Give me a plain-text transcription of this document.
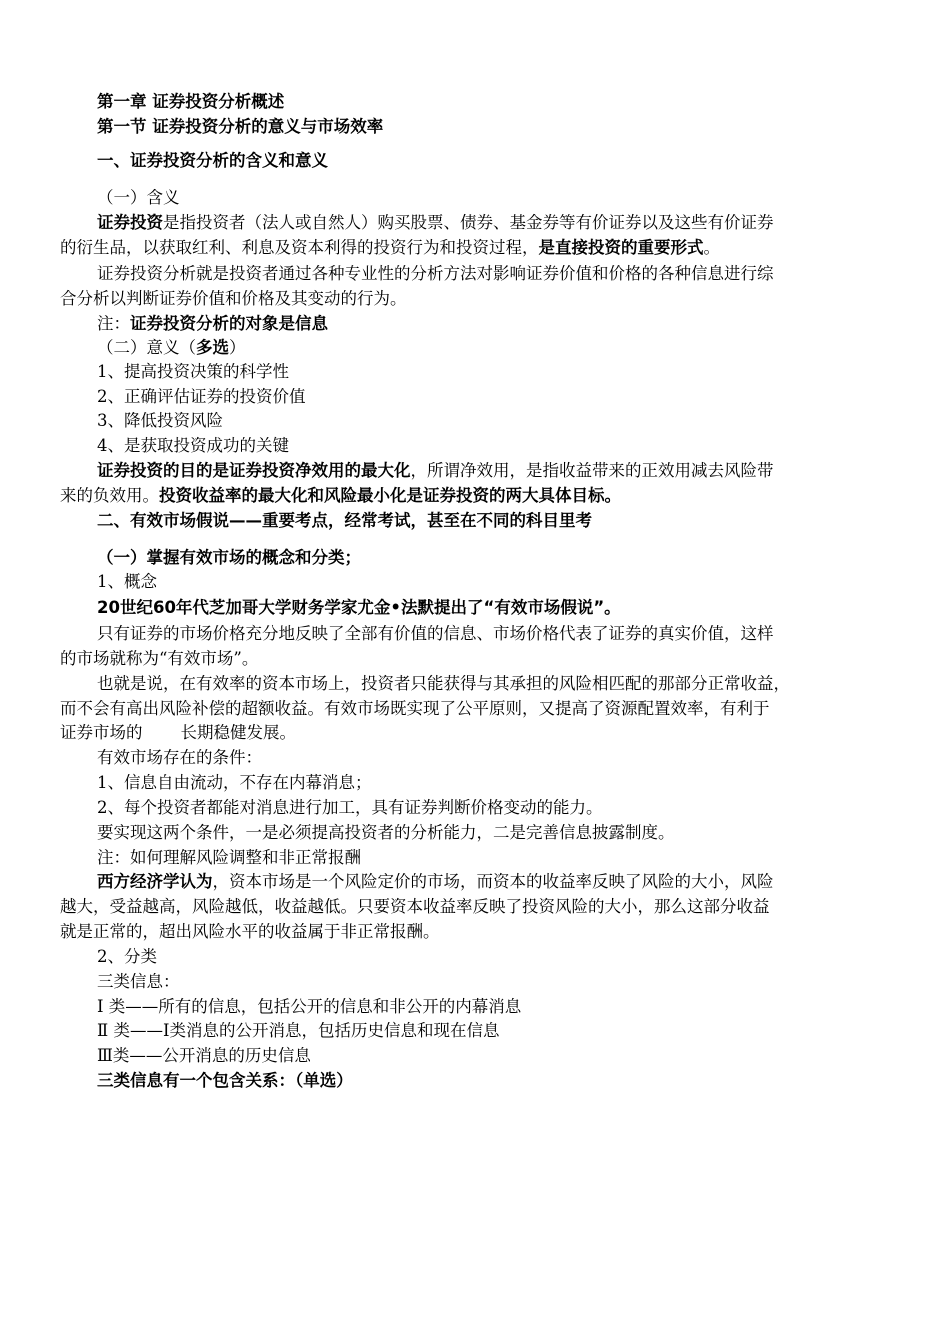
第一章 证券投资分析概述
第一节 证券投资分析的意义与市场效率
一、证券投资分析的含义和意义
（一）含义
证券投资是指投资者（法人或自然人）购买股票、债券、基金券等有价证券以及这些有价证券
的衍生品，以获取红利、利息及资本利得的投资行为和投资过程，是直接投资的重要形式。
证券投资分析就是投资者通过各种专业性的分析方法对影响证券价值和价格的各种信息进行综
合分析以判断证券价值和价格及其变动的行为。
注：证券投资分析的对象是信息
（二）意义（多选）
1、提高投资决策的科学性
2、正确评估证券的投资价值
3、降低投资风险
4、是获取投资成功的关键
证券投资的目的是证券投资净效用的最大化，所谓净效用，是指收益带来的正效用减去风险带
来的负效用。投资收益率的最大化和风险最小化是证券投资的两大具体目标。
二、有效市场假说——重要考点，经常考试，甚至在不同的科目里考
（一）掌握有效市场的概念和分类；
1、概念
20世纪60年代芝加哥大学财务学家尤金•法默提出了“有效市场假说”。
只有证券的市场价格充分地反映了全部有价值的信息、市场价格代表了证券的真实价值，这样
的市场就称为“有效市场”。
也就是说，在有效率的资本市场上，投资者只能获得与其承担的风险相匹配的那部分正常收益，
而不会有高出风险补偿的超额收益。有效市场既实现了公平原则，又提高了资源配置效率，有利于
证券市场的 长期稳健发展。
有效市场存在的条件：
1、信息自由流动，不存在内幕消息；
2、每个投资者都能对消息进行加工，具有证券判断价格变动的能力。
要实现这两个条件，一是必须提高投资者的分析能力，二是完善信息披露制度。
注：如何理解风险调整和非正常报酬
西方经济学认为，资本市场是一个风险定价的市场，而资本的收益率反映了风险的大小，风险
越大，受益越高，风险越低，收益越低。只要资本收益率反映了投资风险的大小，那么这部分收益
就是正常的，超出风险水平的收益属于非正常报酬。
2、分类
三类信息：
Ⅰ 类——所有的信息，包括公开的信息和非公开的内幕消息
Ⅱ 类——Ⅰ类消息的公开消息，包括历史信息和现在信息
Ⅲ类——公开消息的历史信息
三类信息有一个包含关系：（单选）
